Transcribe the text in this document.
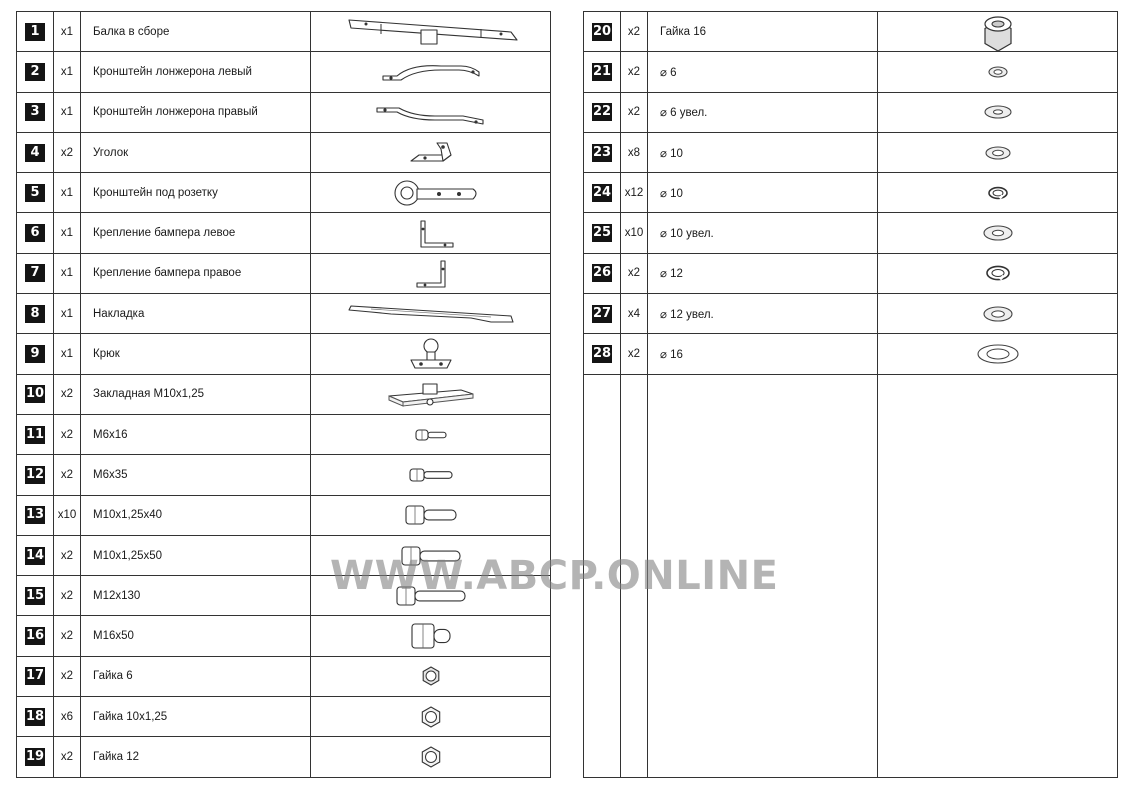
1	x1	Балка в сборе	

2	x1	Кронштейн лонжерона левый	

3	x1	Кронштейн лонжерона правый	

4	x2	Уголок	

5	x1	Кронштейн под розетку	

6	x1	Крепление бампера левое	

7	x1	Крепление бампера правое	

8	x1	Накладка	

9	x1	Крюк	

10	x2	Закладная М10х1,25	

11	x2	М6х16	

12	x2	М6х35	

13	x10	М10х1,25х40	

14	x2	М10х1,25х50	

15	x2	М12х130	

16	x2	М16х50	

17	x2	Гайка 6	

18	x6	Гайка 10х1,25	

19	x2	Гайка 12	
20	x2	Гайка 16	

21	x2	⌀ 6	

22	x2	⌀ 6 увел.	

23	x8	⌀ 10	

24	x12	⌀ 10	

25	x10	⌀ 10 увел.	

26	x2	⌀ 12	

27	x4	⌀ 12 увел.	

28	x2	⌀ 16	

WWW.ABCP.ONLINE
